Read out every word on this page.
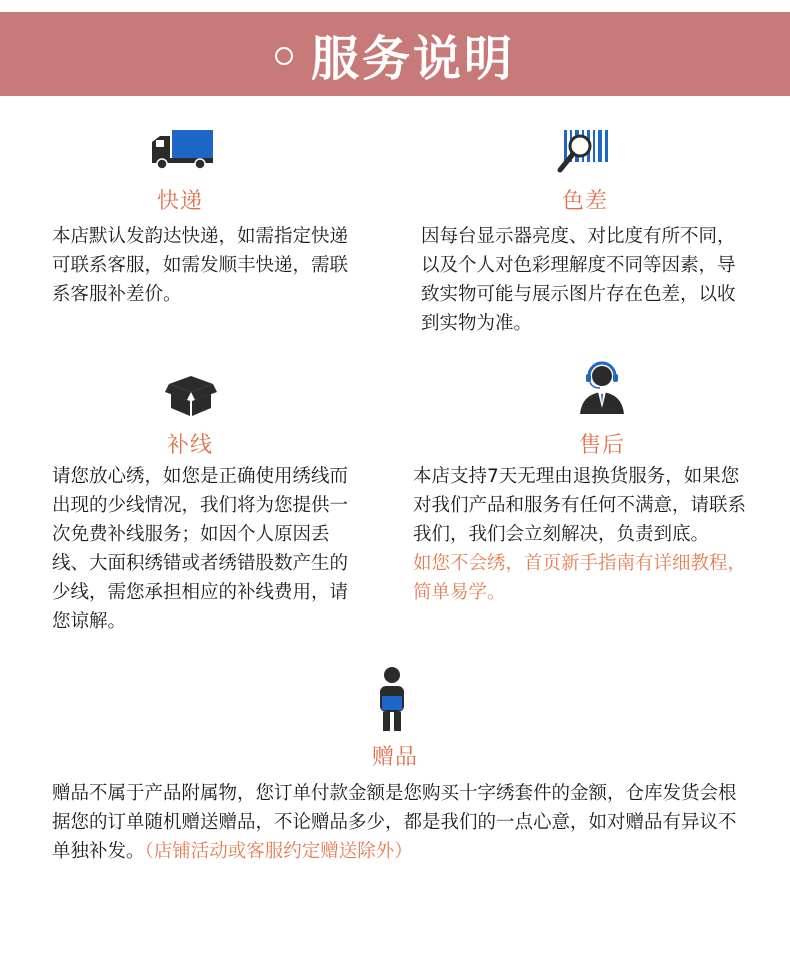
服务说明
快递
本店默认发韵达快递，如需指定快递可联系客服，如需发顺丰快递，需联系客服补差价。
色差
因每台显示器亮度、对比度有所不同，以及个人对色彩理解度不同等因素，导致实物可能与展示图片存在色差，以收到实物为准。
补线
请您放心绣，如您是正确使用绣线而出现的少线情况，我们将为您提供一次免费补线服务；如因个人原因丢线、大面积绣错或者绣错股数产生的少线，需您承担相应的补线费用，请您谅解。
售后
本店支持7天无理由退换货服务，如果您对我们产品和服务有任何不满意，请联系我们，我们会立刻解决，负责到底。
如您不会绣，首页新手指南有详细教程，简单易学。
赠品
赠品不属于产品附属物，您订单付款金额是您购买十字绣套件的金额，仓库发货会根据您的订单随机赠送赠品，不论赠品多少，都是我们的一点心意，如对赠品有异议不单独补发。（店铺活动或客服约定赠送除外）
